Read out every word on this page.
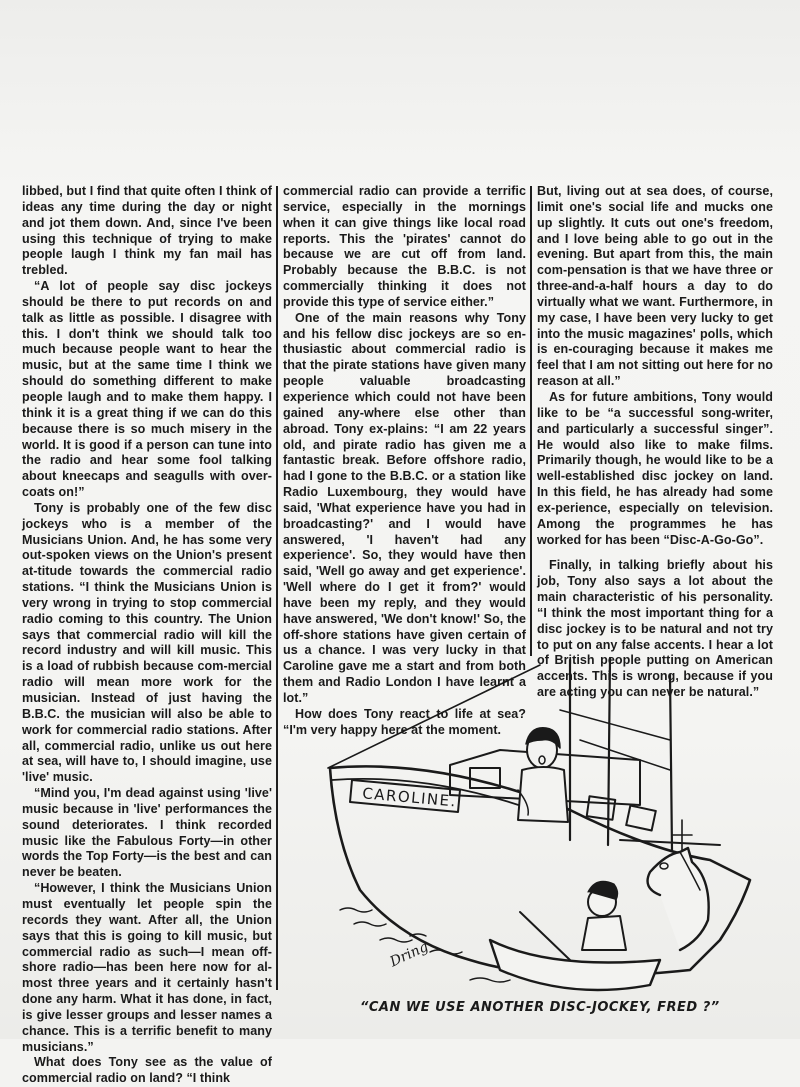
libbed, but I find that quite often I think of ideas any time during the day or night and jot them down. And, since I've been using this technique of trying to make people laugh I think my fan mail has trebled.

“A lot of people say disc jockeys should be there to put records on and talk as little as possible. I disagree with this. I don't think we should talk too much because people want to hear the music, but at the same time I think we should do something different to make people laugh and to make them happy. I think it is a great thing if we can do this because there is so much misery in the world. It is good if a person can tune into the radio and hear some fool talking about kneecaps and seagulls with over-coats on!”

Tony is probably one of the few disc jockeys who is a member of the Musicians Union. And, he has some very out-spoken views on the Union's present at-titude towards the commercial radio stations. “I think the Musicians Union is very wrong in trying to stop commercial radio coming to this country. The Union says that commercial radio will kill the record industry and will kill music. This is a load of rubbish because com-mercial radio will mean more work for the musician. Instead of just having the B.B.C. the musician will also be able to work for commercial radio stations. After all, commercial radio, unlike us out here at sea, will have to, I should imagine, use 'live' music.

“Mind you, I'm dead against using 'live' music because in 'live' performances the sound deteriorates. I think recorded music like the Fabulous Forty—in other words the Top Forty—is the best and can never be beaten.

“However, I think the Musicians Union must eventually let people spin the records they want. After all, the Union says that this is going to kill music, but commercial radio as such—I mean off-shore radio—has been here now for al-most three years and it certainly hasn't done any harm. What it has done, in fact, is give lesser groups and lesser names a chance. This is a terrific benefit to many musicians.”

What does Tony see as the value of commercial radio on land? “I think

commercial radio can provide a terrific service, especially in the mornings when it can give things like local road reports. This the 'pirates' cannot do because we are cut off from land. Probably because the B.B.C. is not commercially thinking it does not provide this type of service either.”

One of the main reasons why Tony and his fellow disc jockeys are so en-thusiastic about commercial radio is that the pirate stations have given many people valuable broadcasting experience which could not have been gained any-where else other than abroad. Tony ex-plains: “I am 22 years old, and pirate radio has given me a fantastic break. Before offshore radio, had I gone to the B.B.C. or a station like Radio Luxembourg, they would have said, 'What experience have you had in broadcasting?' and I would have answered, 'I haven't had any experience'. So, they would have then said, 'Well go away and get experience'. 'Well where do I get it from?' would have been my reply, and they would have answered, 'We don't know!' So, the off-shore stations have given certain of us a chance. I was very lucky in that Caroline gave me a start and from both them and Radio London I have learnt a lot.”

How does Tony react to life at sea? “I'm very happy here at the moment.

But, living out at sea does, of course, limit one's social life and mucks one up slightly. It cuts out one's freedom, and I love being able to go out in the evening. But apart from this, the main com-pensation is that we have three or three-and-a-half hours a day to do virtually what we want. Furthermore, in my case, I have been very lucky to get into the music magazines' polls, which is en-couraging because it makes me feel that I am not sitting out here for no reason at all.”

As for future ambitions, Tony would like to be “a successful song-writer, and particularly a successful singer”. He would also like to make films. Primarily though, he would like to be a well-established disc jockey on land. In this field, he has already had some ex-perience, especially on television. Among the programmes he has worked for has been “Disc-A-Go-Go”.

Finally, in talking briefly about his job, Tony also says a lot about the main characteristic of his personality. “I think the most important thing for a disc jockey is to be natural and not try to put on any false accents. I hear a lot of British people putting on American accents. This is wrong, because if you are acting you can never be natural.”

CAROLINE.
Dring
“CAN WE USE ANOTHER DISC-JOCKEY, FRED ?”
